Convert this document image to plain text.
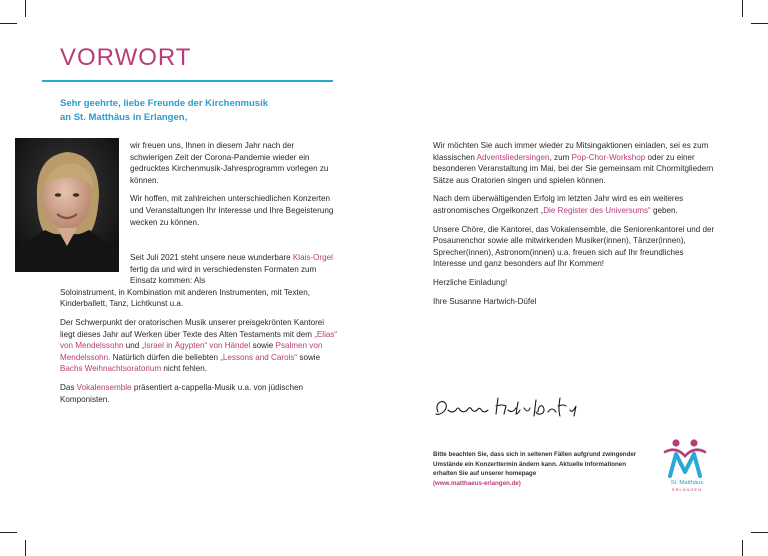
VORWORT
Sehr geehrte, liebe Freunde der Kirchenmusik
an St. Matthäus in Erlangen,

wir freuen uns, Ihnen in diesem Jahr nach der schwierigen Zeit der Corona-Pandemie wieder ein gedrucktes Kirchenmusik-Jahresprogramm vorlegen zu können.

Wir hoffen, mit zahlreichen unterschiedlichen Konzerten und Veranstaltungen Ihr Interesse und Ihre Begeisterung wecken zu können.

Seit Juli 2021 steht unsere neue wunderbare Klais-Orgel fertig da und wird in verschiedensten Formaten zum Einsatz kommen: Als
Soloinstrument, in Kombination mit anderen Instrumenten, mit Texten, Kinderballett, Tanz, Lichtkunst u.a.

Der Schwerpunkt der oratorischen Musik unserer preisgekrönten Kantorei liegt dieses Jahr auf Werken über Texte des Alten Testaments mit dem „Elias“ von Mendelssohn und „Israel in Ägypten“ von Händel sowie Psalmen von Mendelssohn. Natürlich dürfen die beliebten „Lessons and Carols“ sowie Bachs Weihnachtsoratorium nicht fehlen.

Das Vokalensemble präsentiert a-cappella-Musik u.a. von jüdischen Komponisten.

Wir möchten Sie auch immer wieder zu Mitsingaktionen einladen, sei es zum klassischen Adventsliedersingen, zum Pop-Chor-Workshop oder zu einer besonderen Veranstaltung im Mai, bei der Sie gemeinsam mit Chormitgliedern Sätze aus Oratorien singen und spielen können.

Nach dem überwältigenden Erfolg im letzten Jahr wird es ein weiteres astronomisches Orgelkonzert „Die Register des Universums“ geben.

Unsere Chöre, die Kantorei, das Vokalensemble, die Seniorenkantorei und der Posaunenchor sowie alle mitwirkenden Musiker(innen), Tänzer(innen), Sprecher(innen), Astronom(innen) u.a. freuen sich auf Ihr freundliches Interesse und ganz besonders auf Ihr Kommen!

Herzliche Einladung!

Ihre Susanne Hartwich-Düfel

Bitte beachten Sie, dass sich in seltenen Fällen aufgrund zwingender Umstände ein Konzerttermin ändern kann. Aktuelle Informationen erhalten Sie auf unserer homepage
(www.matthaeus-erlangen.de)	St. Matthäus
ERLANGEN
